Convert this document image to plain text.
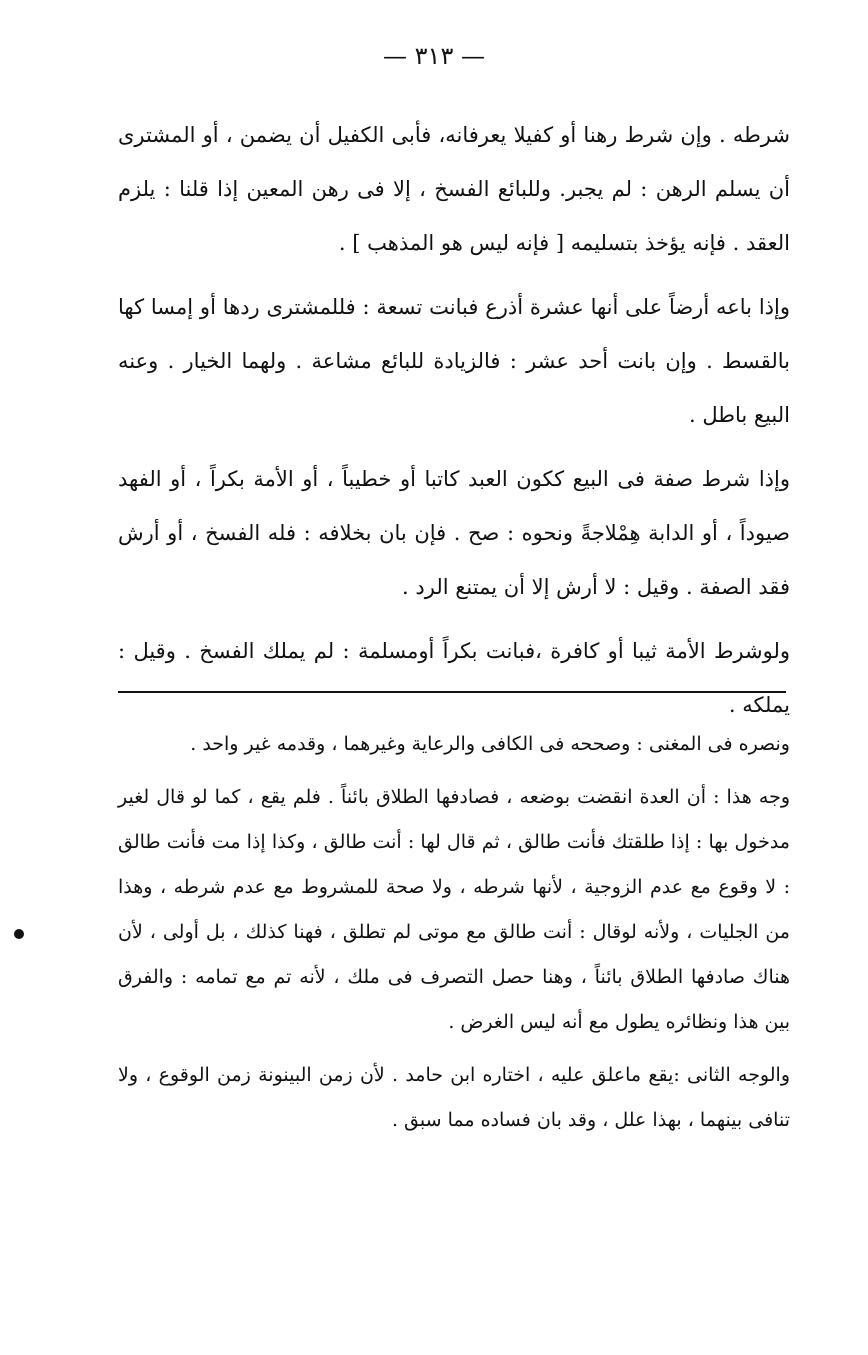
— ٣١٣ —

شرطه . وإن شرط رهنا أو كفيلا يعرفانه، فأبى الكفيل أن يضمن ، أو المشترى أن يسلم الرهن : لم يجبر. وللبائع الفسخ ، إلا فى رهن المعين إذا قلنا : يلزم العقد . فإنه يؤخذ بتسليمه [ فإنه ليس هو المذهب ] .

وإذا باعه أرضاً على أنها عشرة أذرع فبانت تسعة : فللمشترى ردها أو إمسا كها بالقسط . وإن بانت أحد عشر : فالزيادة للبائع مشاعة . ولهما الخيار . وعنه البيع باطل .

وإذا شرط صفة فى البيع ككون العبد كاتبا أو خطيباً ، أو الأمة بكراً ، أو الفهد صيوداً ، أو الدابة هِمْلاجةً ونحوه : صح . فإن بان بخلافه : فله الفسخ ، أو أرش فقد الصفة . وقيل : لا أرش إلا أن يمتنع الرد .

ولوشرط الأمة ثيبا أو كافرة ،فبانت بكراً أومسلمة : لم يملك الفسخ . وقيل : يملكه .

ونصره فى المغنى : وصححه فى الكافى والرعاية وغيرهما ، وقدمه غير واحد .

وجه هذا : أن العدة انقضت بوضعه ، فصادفها الطلاق بائناً . فلم يقع ، كما لو قال لغير مدخول بها : إذا طلقتك فأنت طالق ، ثم قال لها : أنت طالق ، وكذا إذا مت فأنت طالق : لا وقوع مع عدم الزوجية ، لأنها شرطه ، ولا صحة للمشروط مع عدم شرطه ، وهذا من الجليات ، ولأنه لوقال : أنت طالق مع موتى لم تطلق ، فهنا كذلك ، بل أولى ، لأن هناك صادفها الطلاق بائناً ، وهنا حصل التصرف فى ملك ، لأنه تم مع تمامه : والفرق بين هذا ونظائره يطول مع أنه ليس الغرض .

والوجه الثانى :يقع ماعلق عليه ، اختاره ابن حامد . لأن زمن البينونة زمن الوقوع ، ولا تنافى بينهما ، بهذا علل ، وقد بان فساده مما سبق .
